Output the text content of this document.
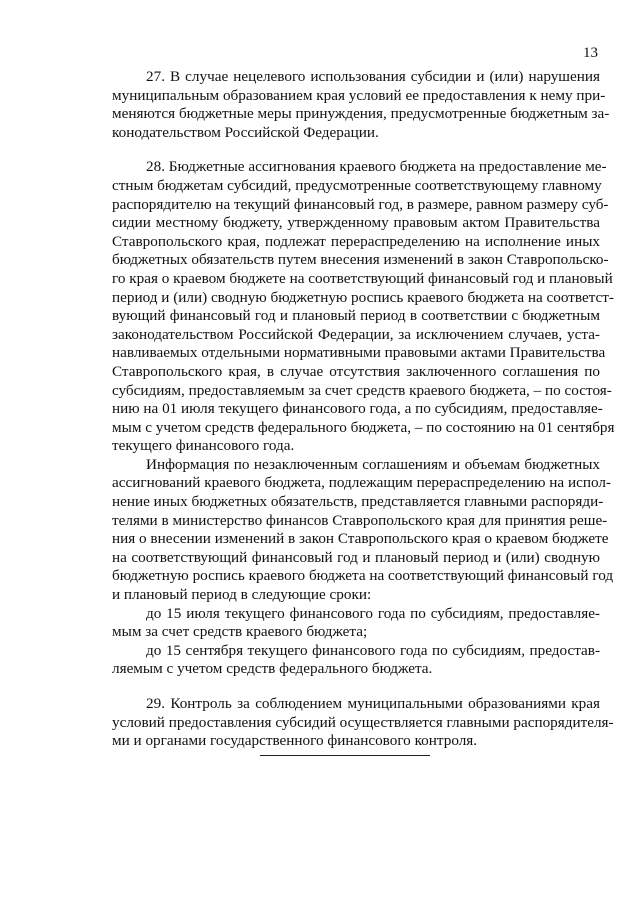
13
27. В случае нецелевого использования субсидии и (или) нарушения
муниципальным образованием края условий ее предоставления к нему при-
меняются бюджетные меры принуждения, предусмотренные бюджетным за-
конодательством Российской Федерации.
28. Бюджетные ассигнования краевого бюджета на предоставление ме-
стным бюджетам субсидий, предусмотренные соответствующему главному
распорядителю на текущий финансовый год, в размере, равном размеру суб-
сидии местному бюджету, утвержденному правовым актом Правительства
Ставропольского края, подлежат перераспределению на исполнение иных
бюджетных обязательств путем внесения изменений в закон Ставропольско-
го края о краевом бюджете на соответствующий финансовый год и плановый
период и (или) сводную бюджетную роспись краевого бюджета на соответст-
вующий финансовый год и плановый период в соответствии с бюджетным
законодательством Российской Федерации, за исключением случаев, уста-
навливаемых отдельными нормативными правовыми актами Правительства
Ставропольского края, в случае отсутствия заключенного соглашения по
субсидиям, предоставляемым за счет средств краевого бюджета, – по состоя-
нию на 01 июля текущего финансового года, а по субсидиям, предоставляе-
мым с учетом средств федерального бюджета, – по состоянию на 01 сентября
текущего финансового года.
Информация по незаключенным соглашениям и объемам бюджетных
ассигнований краевого бюджета, подлежащим перераспределению на испол-
нение иных бюджетных обязательств, представляется главными распоряди-
телями в министерство финансов Ставропольского края для принятия реше-
ния о внесении изменений в закон Ставропольского края о краевом бюджете
на соответствующий финансовый год и плановый период и (или) сводную
бюджетную роспись краевого бюджета на соответствующий финансовый год
и плановый период в следующие сроки:
до 15 июля текущего финансового года по субсидиям, предоставляе-
мым за счет средств краевого бюджета;
до 15 сентября текущего финансового года по субсидиям, предостав-
ляемым с учетом средств федерального бюджета.
29. Контроль за соблюдением муниципальными образованиями края
условий предоставления субсидий осуществляется главными распорядителя-
ми и органами государственного финансового контроля.
